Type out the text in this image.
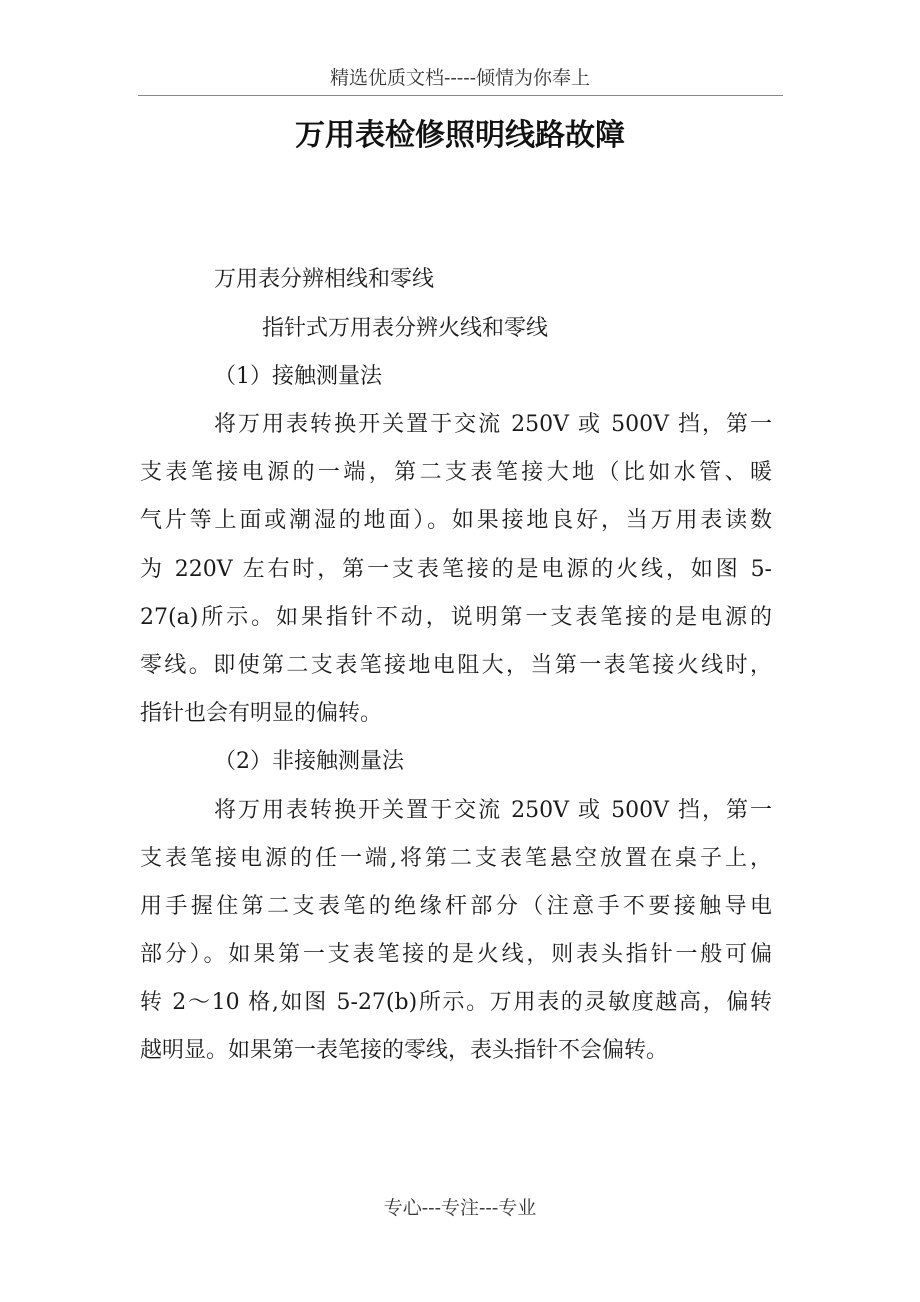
精选优质文档-----倾情为你奉上
万用表检修照明线路故障
万用表分辨相线和零线
指针式万用表分辨火线和零线
（1）接触测量法
将万用表转换开关置于交流 250V 或 500V 挡，第一
支表笔接电源的一端，第二支表笔接大地（比如水管、暖
气片等上面或潮湿的地面）。如果接地良好，当万用表读数
为 220V 左右时，第一支表笔接的是电源的火线，如图 5-
27(a)所示。如果指针不动，说明第一支表笔接的是电源的
零线。即使第二支表笔接地电阻大，当第一表笔接火线时，
指针也会有明显的偏转。
（2）非接触测量法
将万用表转换开关置于交流 250V 或 500V 挡，第一
支表笔接电源的任一端,将第二支表笔悬空放置在桌子上，
用手握住第二支表笔的绝缘杆部分（注意手不要接触导电
部分）。如果第一支表笔接的是火线，则表头指针一般可偏
转 2～10 格,如图 5-27(b)所示。万用表的灵敏度越高，偏转
越明显。如果第一表笔接的零线，表头指针不会偏转。
专心---专注---专业
